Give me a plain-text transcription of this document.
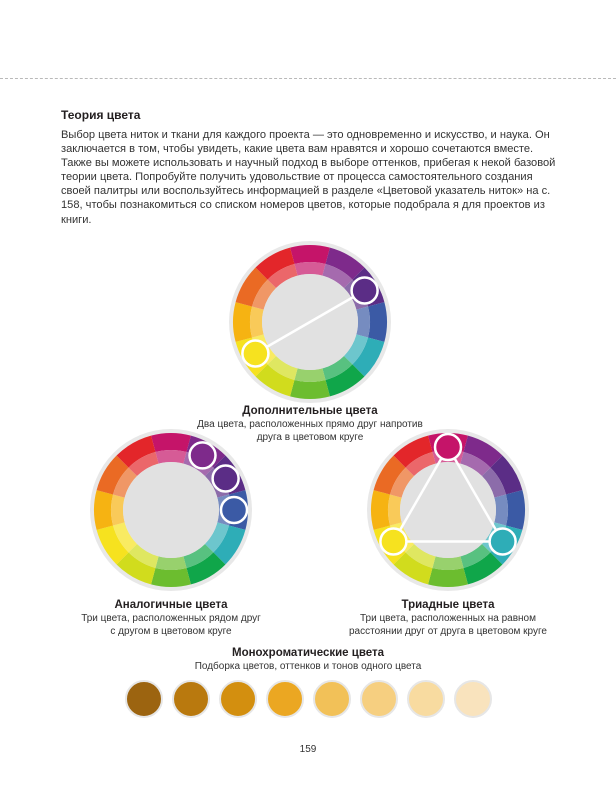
Теория цвета
Выбор цвета ниток и ткани для каждого проекта — это одновременно и искусство, и наука. Он заключается в том, чтобы увидеть, какие цвета вам нравятся и хорошо сочетаются вместе. Также вы можете использовать и научный подход в выборе оттенков, прибегая к некой базовой теории цвета. Попробуйте получить удовольствие от процесса самостоятельного создания своей палитры или воспользуйтесь информацией в разделе «Цветовой указатель ниток» на с. 158, чтобы познакомиться со списком номеров цветов, которые подобрала я для проектов из книги.
Дополнительные цвета
Два цвета, расположенных прямо друг напротив
друга в цветовом круге
Аналогичные цвета
Три цвета, расположенных рядом друг
с другом в цветовом круге
Триадные цвета
Три цвета, расположенных на равном
расстоянии друг от друга в цветовом круге
Монохроматические цвета
Подборка цветов, оттенков и тонов одного цвета
159
